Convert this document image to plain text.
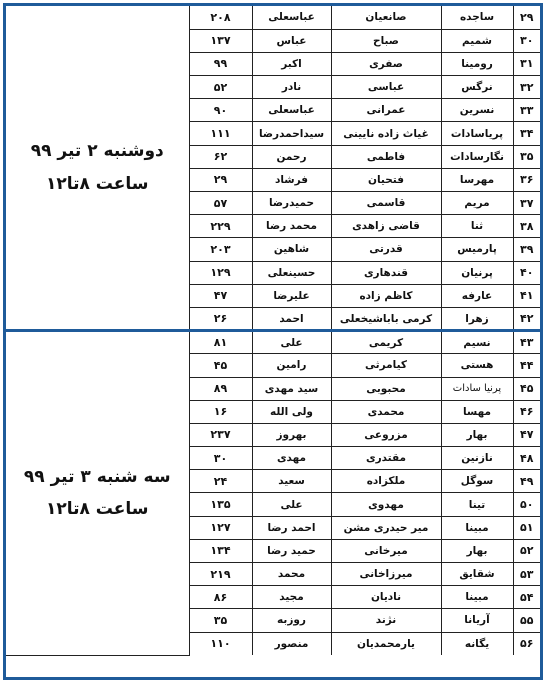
دوشنبه ۲ تیر ۹۹
ساعت ۸تا۱۲	۲۰۸	عباسعلی	صانعیان	ساجده	۲۹
	۱۳۷	عباس	صباح	شمیم	۳۰
	۹۹	اکبر	صفری	رومینا	۳۱
	۵۲	نادر	عباسی	نرگس	۳۲
	۹۰	عباسعلی	عمرانی	نسرین	۳۳
	۱۱۱	سیداحمدرضا	غیاث زاده نایینی	پریاسادات	۳۴
	۶۲	رحمن	فاطمی	نگارسادات	۳۵
	۲۹	فرشاد	فتحیان	مهرسا	۳۶
	۵۷	حمیدرضا	قاسمی	مریم	۳۷
	۲۲۹	محمد رضا	قاضی زاهدی	ثنا	۳۸
	۲۰۳	شاهین	قدرتی	پارمیس	۳۹
	۱۲۹	حسینعلی	قندهاری	پرنیان	۴۰
	۴۷	علیرضا	کاظم زاده	عارفه	۴۱
	۲۶	احمد	کرمی باباشیخعلی	زهرا	۴۲

سه شنبه ۳ تیر ۹۹
ساعت ۸تا۱۲	۸۱	علی	کریمی	نسیم	۴۳
	۴۵	رامین	کیامرثی	هستی	۴۴
	۸۹	سید مهدی	محبوبی	پرنیا سادات	۴۵
	۱۶	ولی الله	محمدی	مهسا	۴۶
	۲۳۷	بهروز	مزروعی	بهار	۴۷
	۳۰	مهدی	مقتدری	نازنین	۴۸
	۲۴	سعید	ملکزاده	سوگل	۴۹
	۱۳۵	علی	مهدوی	تینا	۵۰
	۱۲۷	احمد رضا	میر حیدری مشن	مبینا	۵۱
	۱۳۴	حمید رضا	میرخانی	بهار	۵۲
	۲۱۹	محمد	میرزاخانی	شقایق	۵۳
	۸۶	مجید	نادیان	مبینا	۵۴
	۳۵	روزبه	نژند	آریانا	۵۵
	۱۱۰	منصور	یارمحمدیان	یگانه	۵۶
